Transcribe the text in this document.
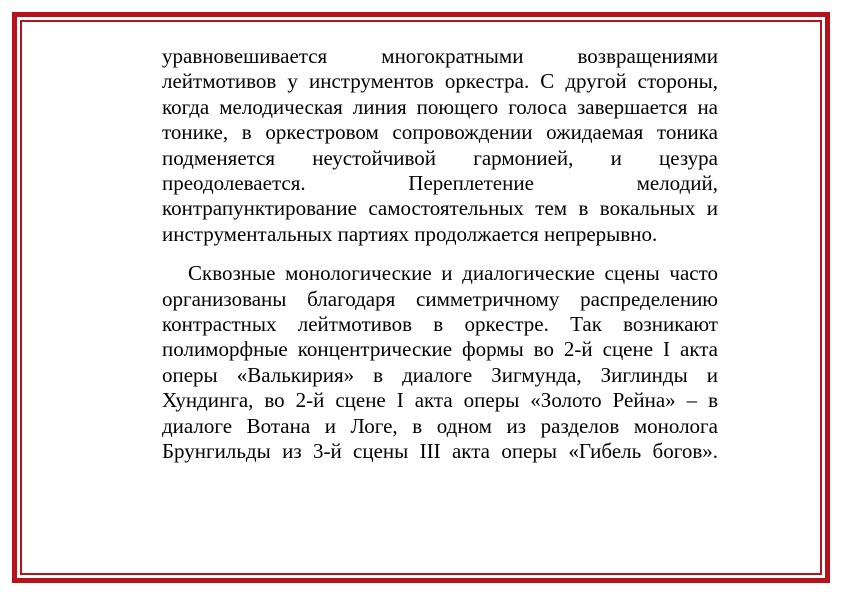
уравновешивается многократными возвращениями лейтмотивов у инструментов оркестра. С другой стороны, когда мелодическая линия поющего голоса завершается на тонике, в оркестровом сопровождении ожидаемая тоника подменяется неустойчивой гармонией, и цезура преодолевается. Переплетение мелодий, контрапунктирование самостоятельных тем в вокальных и инструментальных партиях продолжается непрерывно.

Сквозные монологические и диалогические сцены часто организованы благодаря симметричному распределению контрастных лейтмотивов в оркестре. Так возникают полиморфные концентрические формы во 2-й сцене I акта оперы «Валькирия» в диалоге Зигмунда, Зиглинды и Хундинга, во 2-й сцене I акта оперы «Золото Рейна» – в диалоге Вотана и Логе, в одном из разделов монолога Брунгильды из 3-й сцены III акта оперы «Гибель богов».
